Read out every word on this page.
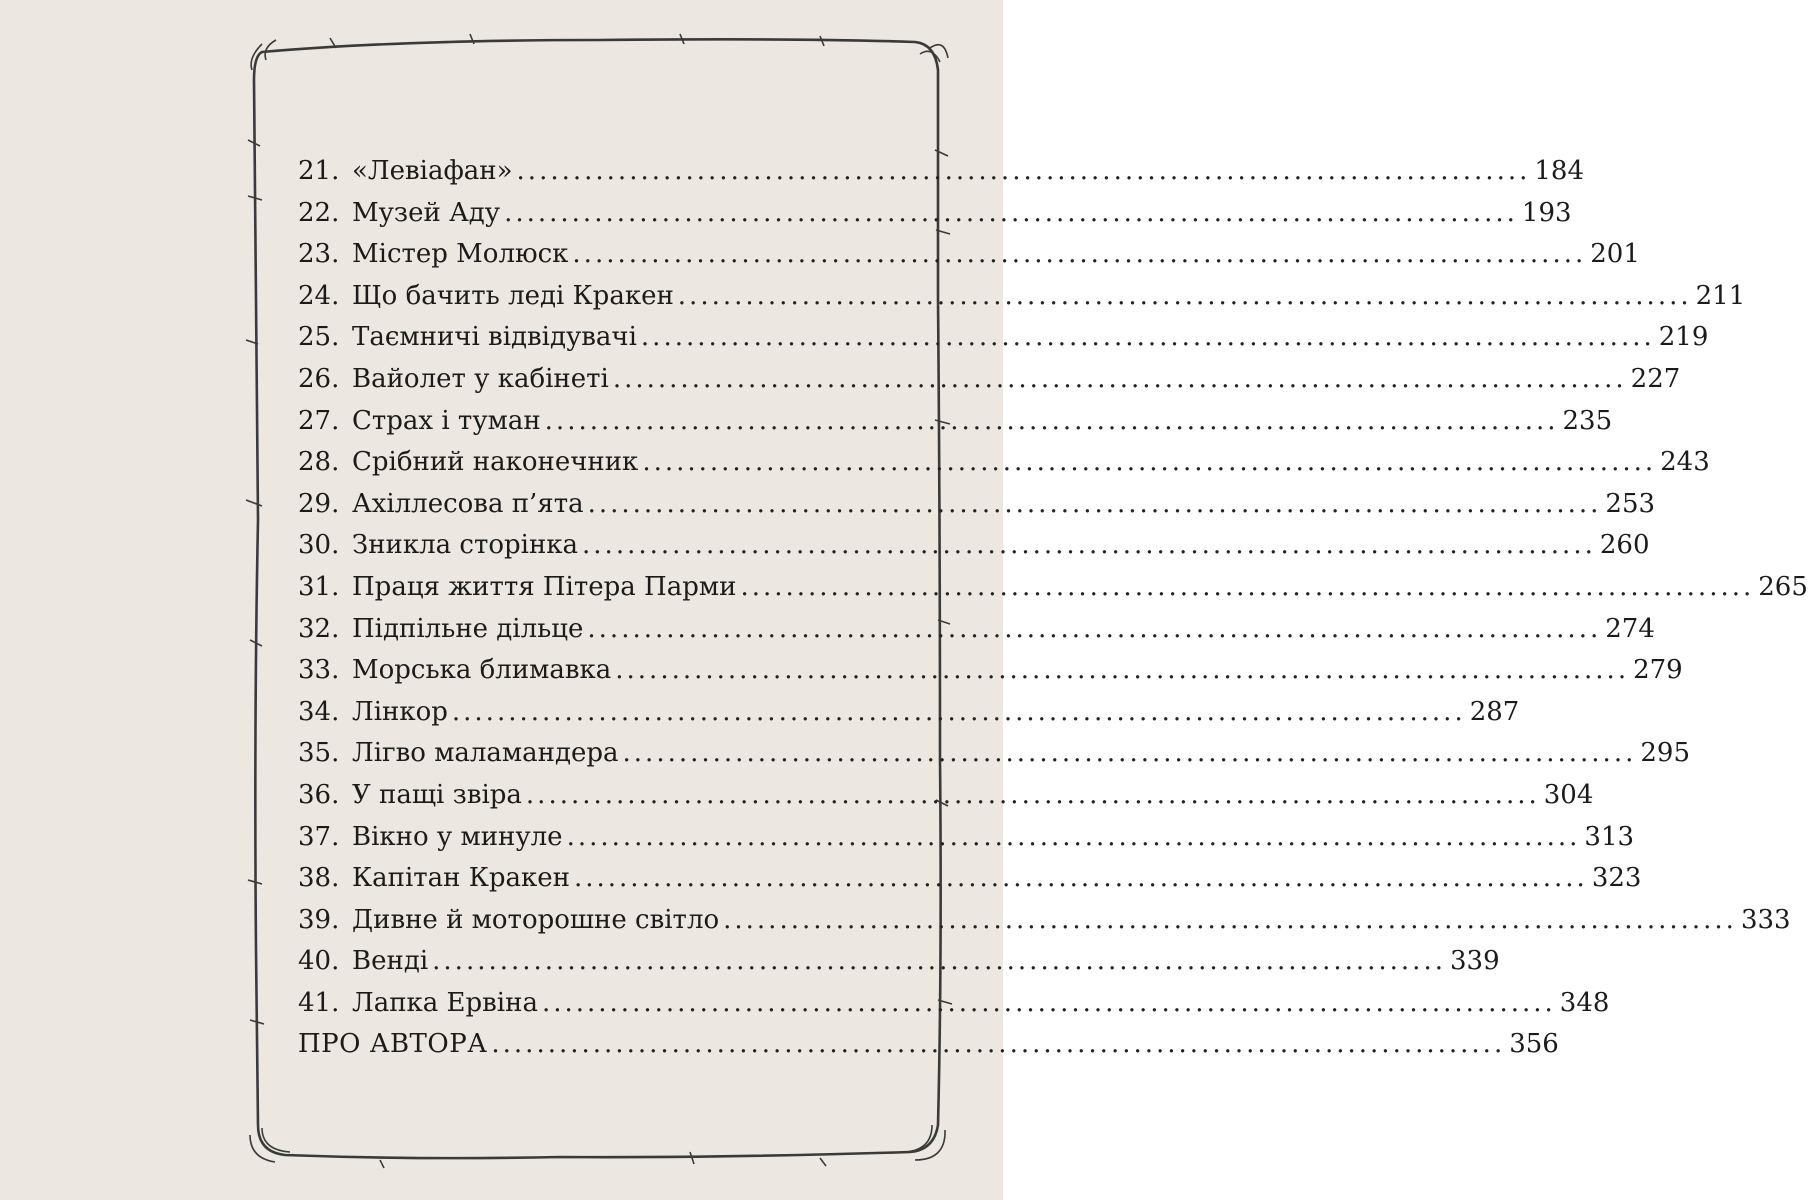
21. «Левіафан» .......................................................................................... 184
22. Музей Аду .......................................................................................... 193
23. Містер Молюск .......................................................................................... 201
24. Що бачить леді Кракен .......................................................................................... 211
25. Таємничі відвідувачі .......................................................................................... 219
26. Вайолет у кабінеті .......................................................................................... 227
27. Страх і туман .......................................................................................... 235
28. Срібний наконечник .......................................................................................... 243
29. Ахіллесова п’ята .......................................................................................... 253
30. Зникла сторінка .......................................................................................... 260
31. Праця життя Пітера Парми .......................................................................................... 265
32. Підпільне дільце .......................................................................................... 274
33. Морська блимавка .......................................................................................... 279
34. Лінкор .......................................................................................... 287
35. Лігво маламандера .......................................................................................... 295
36. У пащі звіра .......................................................................................... 304
37. Вікно у минуле .......................................................................................... 313
38. Капітан Кракен .......................................................................................... 323
39. Дивне й моторошне світло .......................................................................................... 333
40. Венді .......................................................................................... 339
41. Лапка Ервіна .......................................................................................... 348
ПРО АВТОРА .......................................................................................... 356
